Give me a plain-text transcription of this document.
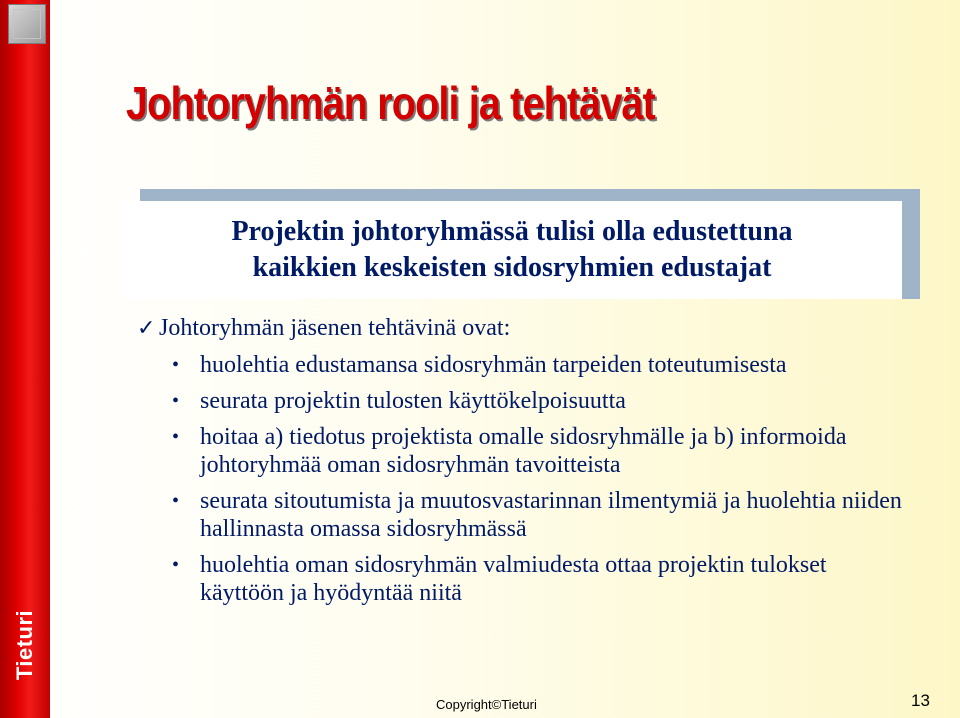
Tieturi
Johtoryhmän rooli ja tehtävät
Projektin johtoryhmässä tulisi olla edustettuna
kaikkien keskeisten sidosryhmien edustajat
✓ Johtoryhmän jäsenen tehtävinä ovat:
• huolehtia edustamansa sidosryhmän tarpeiden toteutumisesta
• seurata projektin tulosten käyttökelpoisuutta
• hoitaa a) tiedotus projektista omalle sidosryhmälle ja b) informoida johtoryhmää oman sidosryhmän tavoitteista
• seurata sitoutumista ja muutosvastarinnan ilmentymiä ja huolehtia niiden hallinnasta omassa sidosryhmässä
• huolehtia oman sidosryhmän valmiudesta ottaa projektin tulokset käyttöön ja hyödyntää niitä
Copyright©Tieturi	13
